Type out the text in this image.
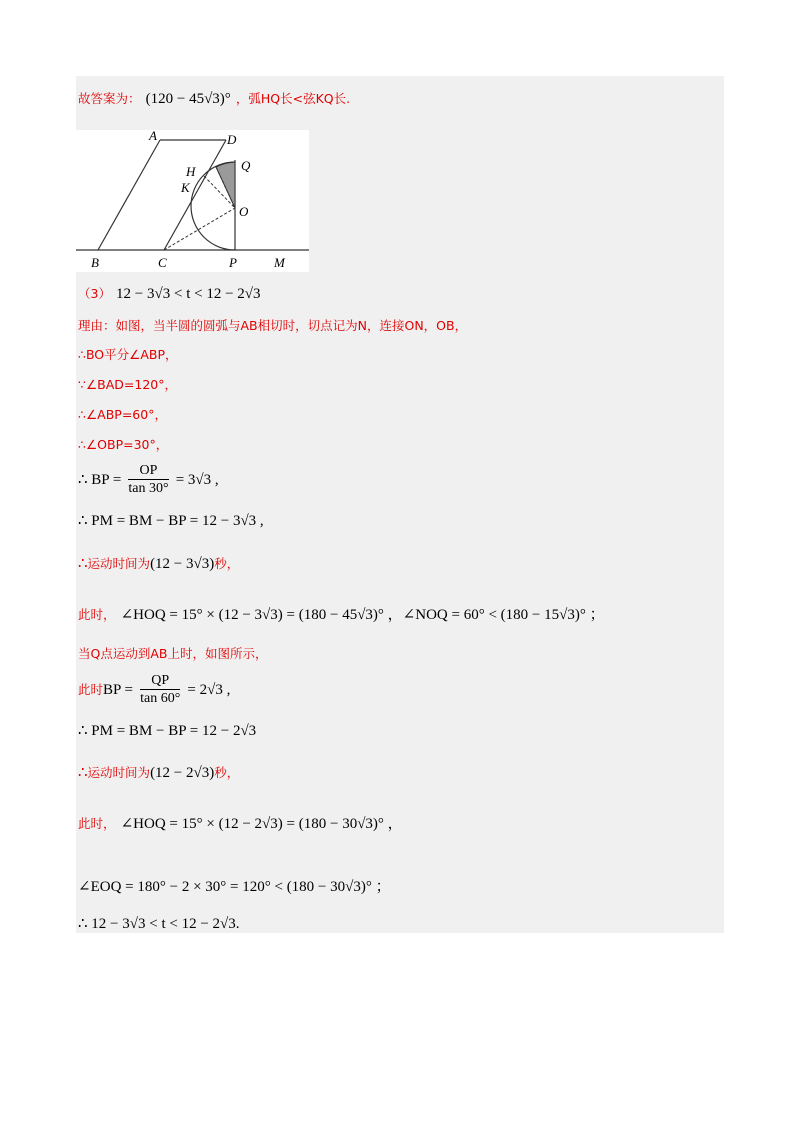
故答案为： (120 − 45√3)° ，弧HQ长<弦KQ长.
A	D
H
K
Q
O
B	C	P	M
（3） 12 − 3√3 < t < 12 − 2√3
理由：如图，当半圆的圆弧与AB相切时，切点记为N，连接ON，OB，
∴BO平分∠ABP，
∵∠BAD=120°，
∴∠ABP=60°，
∴∠OBP=30°，
∴ BP = $\frac{OP}{\tan 30^\circ} = 3√3$ ,
∴ PM = BM − BP = 12 − 3√3 ,
∴运动时间为(12 − 3√3)秒，
此时， ∠HOQ = 15° × (12 − 3√3) = (180 − 45√3)° ，∠NOQ = 60° < (180 − 15√3)° ；
当Q点运动到AB上时，如图所示，
此时BP = $\frac{QP}{\tan 60^\circ} = 2√3$ ,
∴ PM = BM − BP = 12 − 2√3
∴运动时间为(12 − 2√3)秒，
此时， ∠HOQ = 15° × (12 − 2√3) = (180 − 30√3)° ，
∠EOQ = 180° − 2 × 30° = 120° < (180 − 30√3)° ；
∴ 12 − 3√3 < t < 12 − 2√3.
